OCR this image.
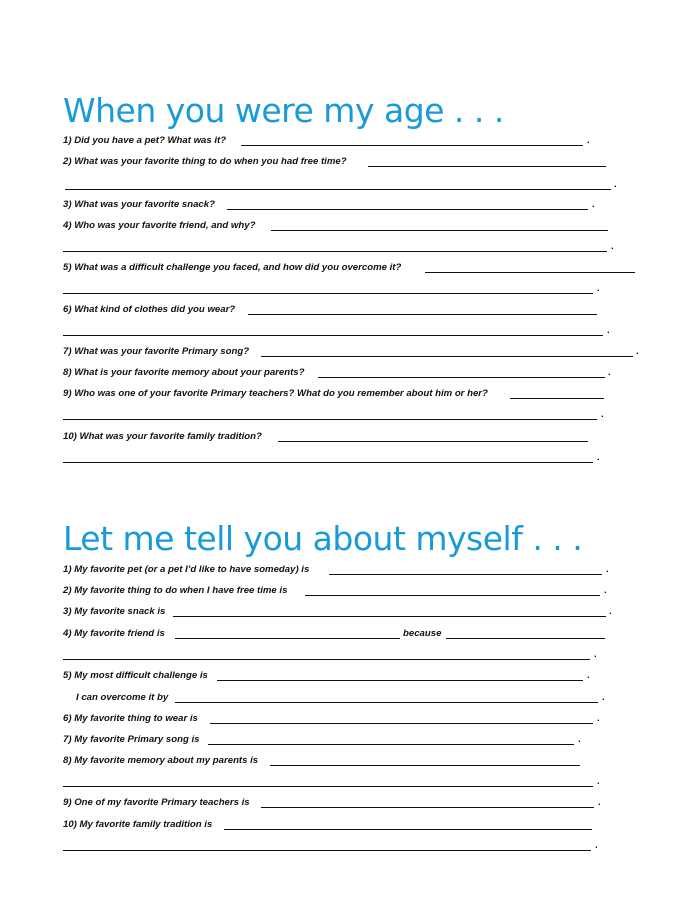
When you were my age . . .
1) Did you have a pet? What was it?	.
2) What was your favorite thing to do when you had free time?
.
3) What was your favorite snack?	.
4) Who was your favorite friend, and why?
.
5) What was a difficult challenge you faced, and how did you overcome it?
.
6) What kind of clothes did you wear?
.
7) What was your favorite Primary song?	.
8) What is your favorite memory about your parents?	.
9) Who was one of your favorite Primary teachers? What do you remember about him or her?
.
10) What was your favorite family tradition?
.
Let me tell you about myself . . .
1) My favorite pet (or a pet I’d like to have someday) is	.
2) My favorite thing to do when I have free time is	.
3) My favorite snack is	.
4) My favorite friend is	because
.
5) My most difficult challenge is	.
I can overcome it by	.
6) My favorite thing to wear is	.
7) My favorite Primary song is	.
8) My favorite memory about my parents is
.
9) One of my favorite Primary teachers is	.
10) My favorite family tradition is
.
